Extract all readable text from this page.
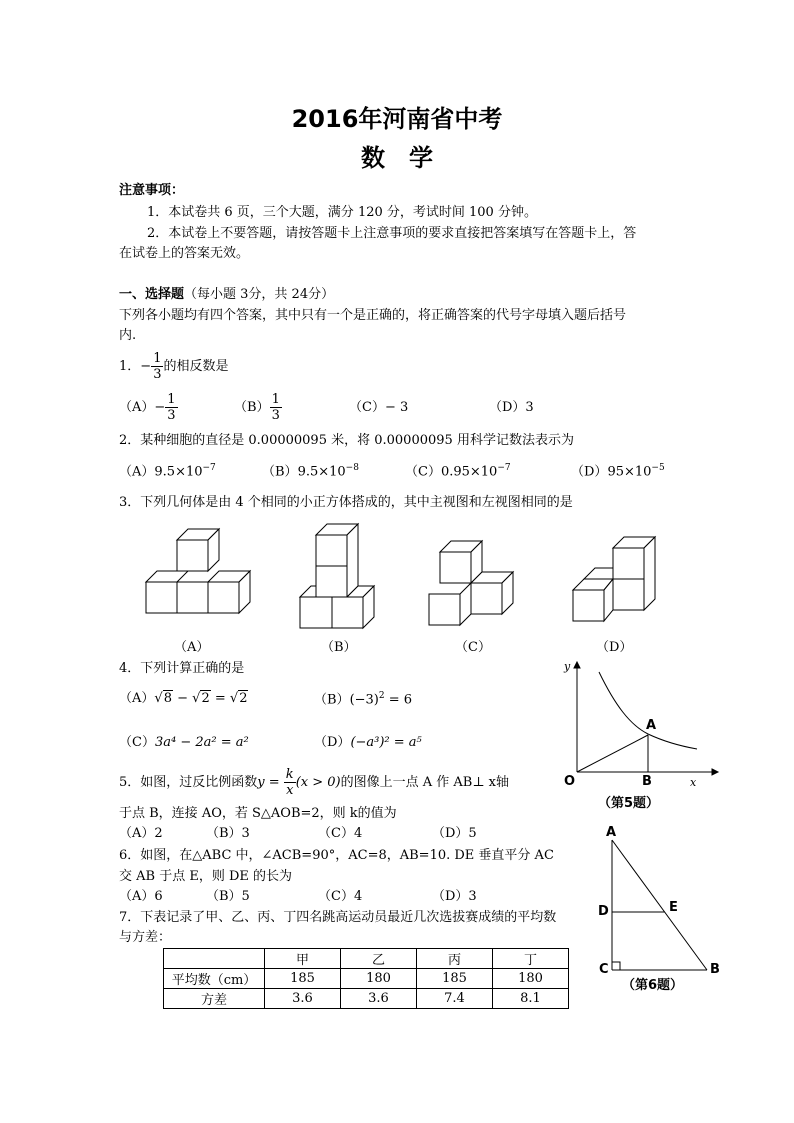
2016年河南省中考
数　学
注意事项：
1．本试卷共 6 页，三个大题，满分 120 分，考试时间 100 分钟。
2．本试卷上不要答题，请按答题卡上注意事项的要求直接把答案填写在答题卡上，答
在试卷上的答案无效。
一、选择题（每小题 3分，共 24分）
下列各小题均有四个答案，其中只有一个是正确的，将正确答案的代号字母填入题后括号
内.
1．− $\frac{1}{3}$ 的相反数是
$(A)- \frac{1}{3}$	$(B) \frac{1}{3}$	（C）− 3	（D）3
2．某种细胞的直径是 0.00000095 米，将 0.00000095 用科学记数法表示为
$(A)9.5\times 10^{-7}$	$(B)9.5\times 10^{-8}$	$(C)0.95\times 10^{-7}$	$(D)95\times 10^{-5}$
3．下列几何体是由 4 个相同的小正方体搭成的，其中主视图和左视图相同的是
（A）	（B）	（C）	（D）
4．下列计算正确的是
（A）√8 − √2 = √2	$(B)(-3)^2 = 6$
（C）3a⁴ − 2a² = a²	（D）(−a³)² = a⁵
5．如图，过反比例函数$y = \frac{k}{x} (x > 0)$的图像上一点 A 作 AB⊥ x轴
于点 B，连接 AO，若 S△AOB=2，则 k的值为
（A）2	（B）3	（C）4	（D）5
y
x
O
A
B
（第5题）
6．如图，在△ABC 中，∠ACB=90°，AC=8，AB=10. DE 垂直平分 AC
交 AB 于点 E，则 DE 的长为
（A）6	（B）5	（C）4	（D）3
A
B
C
D	E
（第6题）
7．下表记录了甲、乙、丙、丁四名跳高运动员最近几次选拔赛成绩的平均数
与方差：
	甲	乙	丙	丁
平均数（cm）	185	180	185	180
方差	3.6	3.6	7.4	8.1
